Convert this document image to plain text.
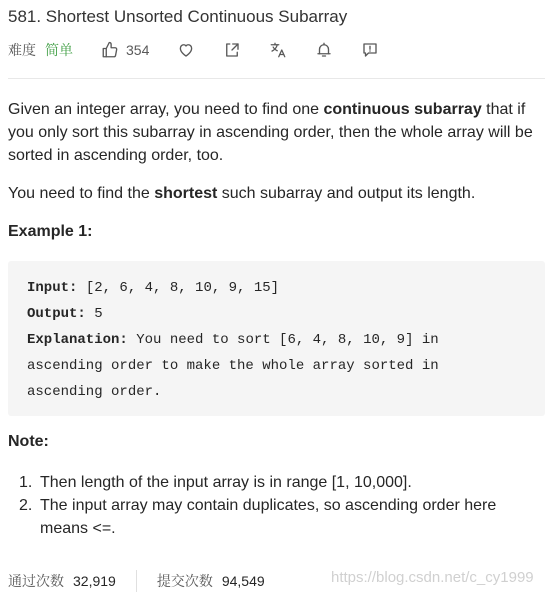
581. Shortest Unsorted Continuous Subarray
难度 简单	354

Given an integer array, you need to find one continuous subarray that if you only sort this subarray in ascending order, then the whole array will be sorted in ascending order, too.

You need to find the shortest such subarray and output its length.

Example 1:
Input: [2, 6, 4, 8, 10, 9, 15]
Output: 5
Explanation: You need to sort [6, 4, 8, 10, 9] in
ascending order to make the whole array sorted in
ascending order.
Note:
1. Then length of the input array is in range [1, 10,000].
2. The input array may contain duplicates, so ascending order here means <=.
通过次数 32,919	提交次数 94,549	https://blog.csdn.net/c_cy1999
